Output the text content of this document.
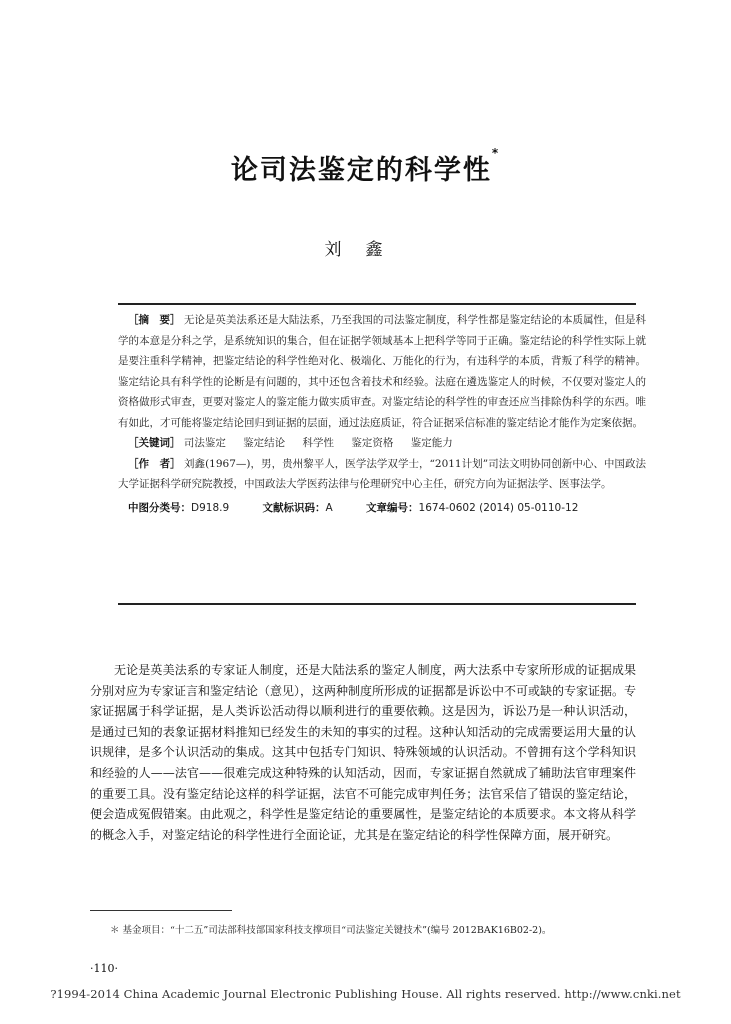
论司法鉴定的科学性*
刘鑫
［摘　要］ 无论是英美法系还是大陆法系，乃至我国的司法鉴定制度，科学性都是鉴定结论的本质属性，但是科学的本意是分科之学，是系统知识的集合，但在证据学领域基本上把科学等同于正确。鉴定结论的科学性实际上就是要注重科学精神，把鉴定结论的科学性绝对化、极端化、万能化的行为，有违科学的本质，背叛了科学的精神。鉴定结论具有科学性的论断是有问题的，其中还包含着技术和经验。法庭在遴选鉴定人的时候，不仅要对鉴定人的资格做形式审查，更要对鉴定人的鉴定能力做实质审查。对鉴定结论的科学性的审查还应当排除伪科学的东西。唯有如此，才可能将鉴定结论回归到证据的层面，通过法庭质证，符合证据采信标准的鉴定结论才能作为定案依据。
［关键词］ 司法鉴定 鉴定结论 科学性 鉴定资格 鉴定能力
［作　者］ 刘鑫(1967—)，男，贵州黎平人，医学法学双学士，“2011计划”司法文明协同创新中心、中国政法大学证据科学研究院教授，中国政法大学医药法律与伦理研究中心主任，研究方向为证据法学、医事法学。
中图分类号：D918.9	文献标识码：A	文章编号：1674-0602 (2014) 05-0110-12
无论是英美法系的专家证人制度，还是大陆法系的鉴定人制度，两大法系中专家所形成的证据成果分别对应为专家证言和鉴定结论（意见），这两种制度所形成的证据都是诉讼中不可或缺的专家证据。专家证据属于科学证据，是人类诉讼活动得以顺利进行的重要依赖。这是因为，诉讼乃是一种认识活动，是通过已知的表象证据材料推知已经发生的未知的事实的过程。这种认知活动的完成需要运用大量的认识规律，是多个认识活动的集成。这其中包括专门知识、特殊领域的认识活动。不曾拥有这个学科知识和经验的人——法官——很难完成这种特殊的认知活动，因而，专家证据自然就成了辅助法官审理案件的重要工具。没有鉴定结论这样的科学证据，法官不可能完成审判任务；法官采信了错误的鉴定结论，便会造成冤假错案。由此观之，科学性是鉴定结论的重要属性，是鉴定结论的本质要求。本文将从科学的概念入手，对鉴定结论的科学性进行全面论证，尤其是在鉴定结论的科学性保障方面，展开研究。
＊ 基金项目：“十二五”司法部科技部国家科技支撑项目“司法鉴定关键技术”(编号 2012BAK16B02-2)。
·110·
?1994-2014 China Academic Journal Electronic Publishing House. All rights reserved. http://www.cnki.net
